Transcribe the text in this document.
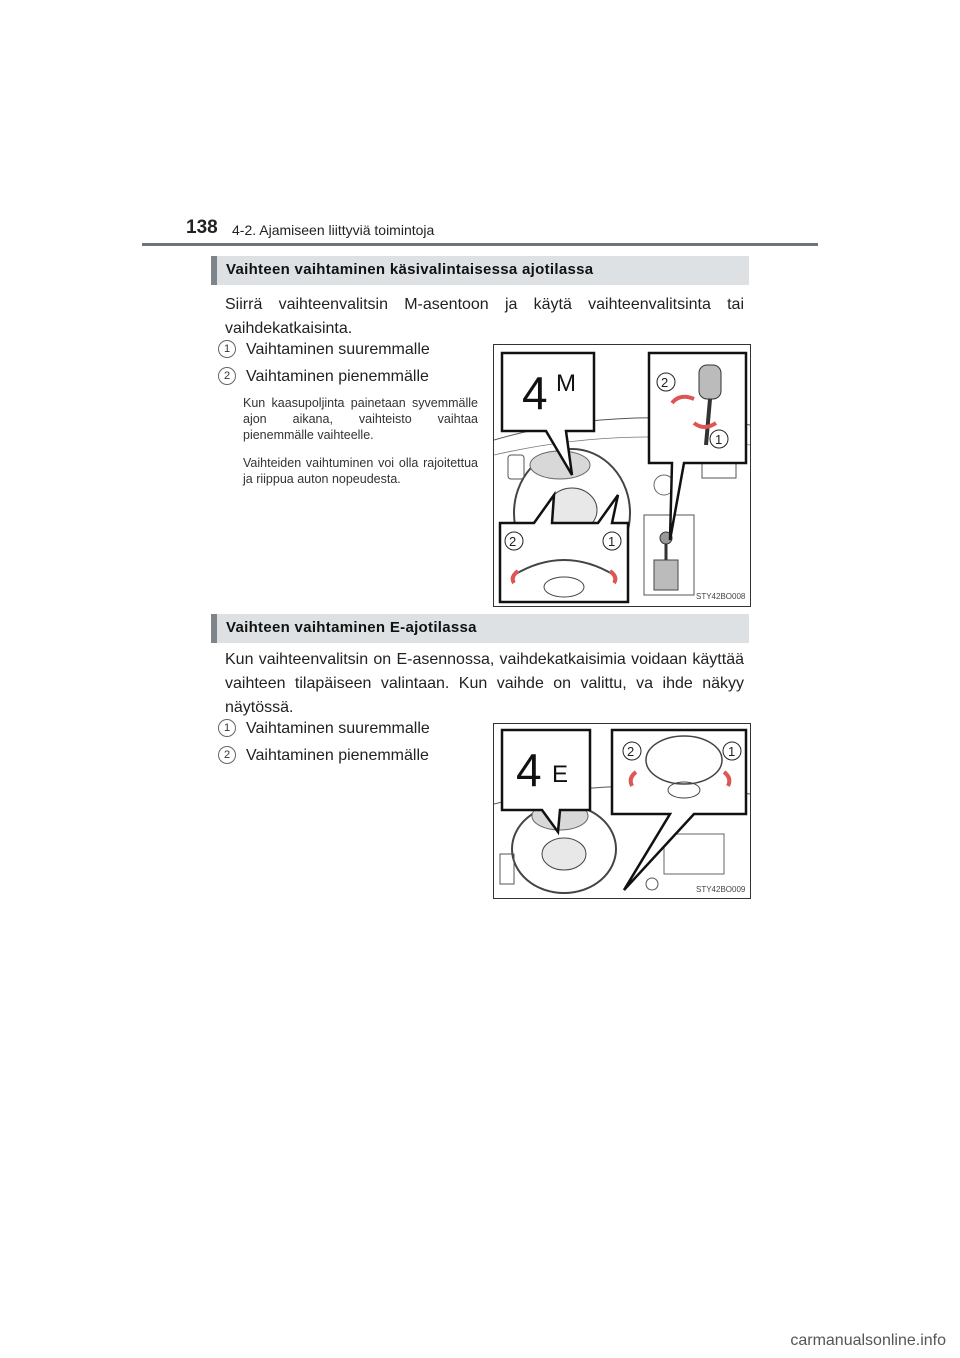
138 4-2. Ajamiseen liittyviä toimintoja
Vaihteen vaihtaminen käsivalintaisessa ajotilassa
Siirrä vaihteenvalitsin M-asentoon ja käytä vaihteenvalitsinta tai vaihdekatkaisinta.
1 Vaihtaminen suuremmalle
2 Vaihtaminen pienemmälle
Kun kaasupoljinta painetaan syvemmälle ajon aikana, vaihteisto vaihtaa pienemmälle vaihteelle.
Vaihteiden vaihtuminen voi olla rajoitettua ja riippua auton nopeudesta.
4 M	2
1
2	1
STY42BO008
Vaihteen vaihtaminen E-ajotilassa
Kun vaihteenvalitsin on E-asennossa, vaihdekatkaisimia voidaan käyttää vaihteen tilapäiseen valintaan. Kun vaihde on valittu, va ihde näkyy näytössä.
1 Vaihtaminen suuremmalle
2 Vaihtaminen pienemmälle 4 E
2	1
STY42BO009
carmanualsonline.info
